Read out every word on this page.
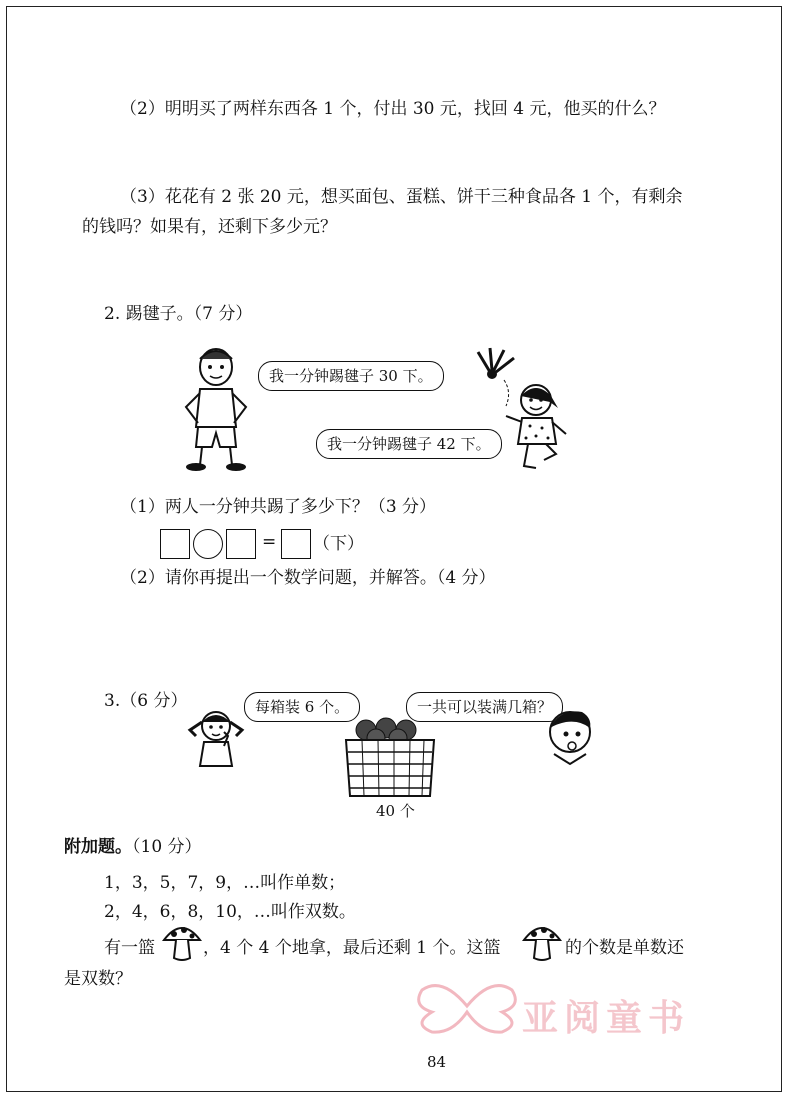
（2）明明买了两样东西各 1 个，付出 30 元，找回 4 元，他买的什么？
（3）花花有 2 张 20 元，想买面包、蛋糕、饼干三种食品各 1 个，有剩余
的钱吗？如果有，还剩下多少元？
2. 踢毽子。（7 分）
我一分钟踢毽子 30 下。
我一分钟踢毽子 42 下。
（1）两人一分钟共踢了多少下？（3 分）
= （下）
（2）请你再提出一个数学问题，并解答。（4 分）
3.（6 分）	每箱装 6 个。
40 个
一共可以装满几箱？
附加题。（10 分）
1，3，5，7，9，…叫作单数；
2，4，6，8，10，…叫作双数。
有一篮	，4 个 4 个地拿，最后还剩 1 个。这篮	的个数是单数还
是双数？
亚阅童书
84
